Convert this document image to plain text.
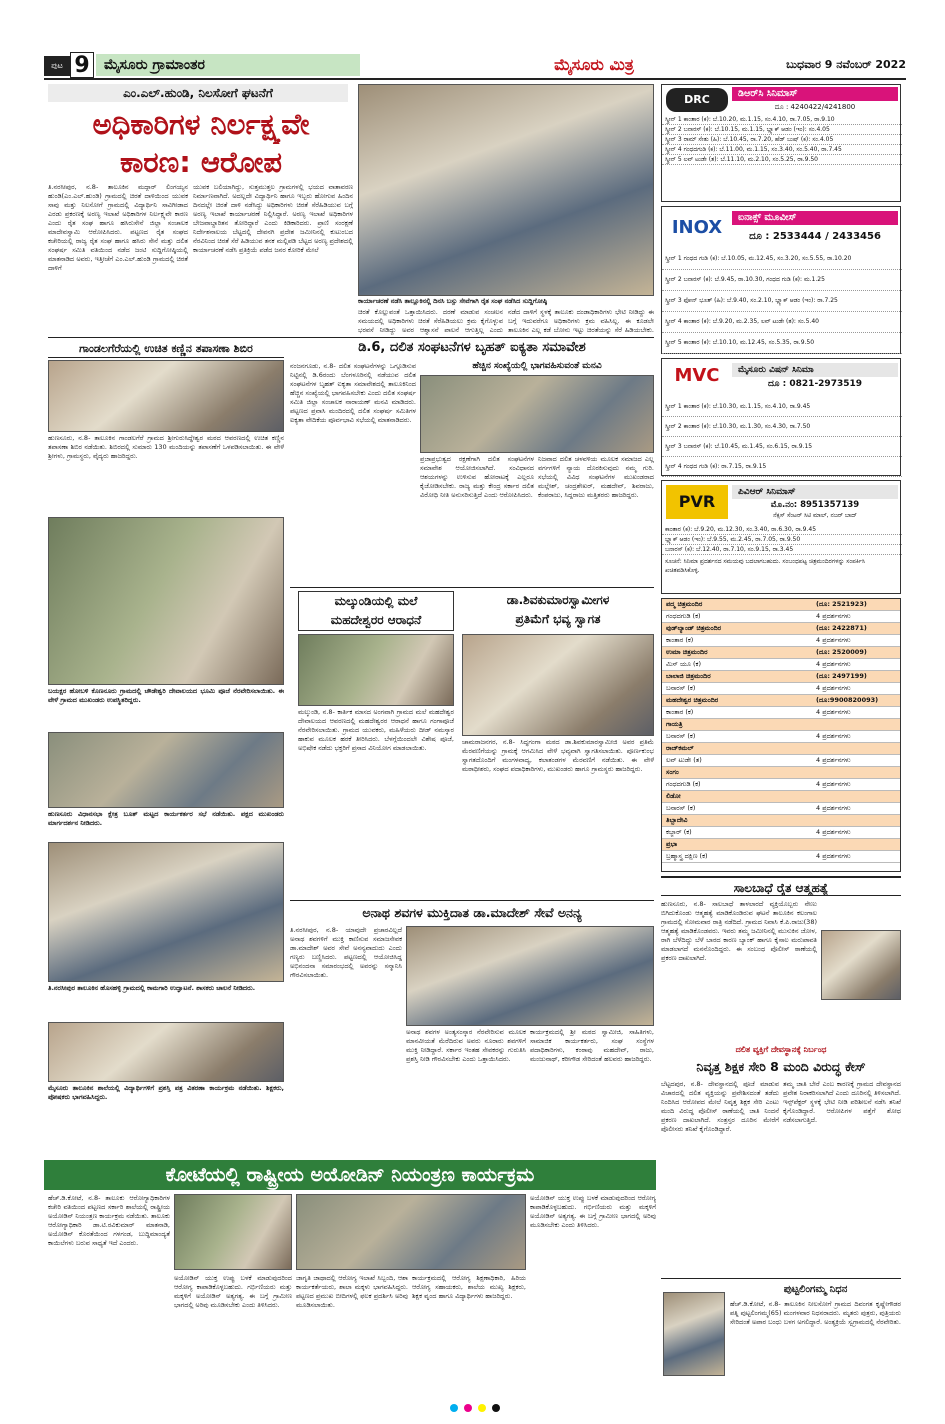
ಪುಟ 9	ಮೈಸೂರು ಗ್ರಾಮಾಂತರ	ಮೈಸೂರು ಮಿತ್ರ	ಬುಧವಾರ 9 ನವೆಂಬರ್ 2022
ಎಂ.ಎಲ್.ಹುಂಡಿ, ನಿಲಸೋಗೆ ಘಟನೆಗೆ
ಅಧಿಕಾರಿಗಳ ನಿರ್ಲಕ್ಷ್ಯವೇ
ಕಾರಣ: ಆರೋಪ
ತಿ.ನರಸೀಪುರ, ನ.8- ತಾಲೂಕಿನ ಮದ್ಗಾರ್ ಲಿಂಗಯ್ಯನ ಹುಂಡಿ(ಎಂ.ಎಲ್.ಹುಂಡಿ) ಗ್ರಾಮದಲ್ಲಿ ಚಿರತೆ ದಾಳಿಯಿಂದ ಯುವಕ ಸಾವು ಮತ್ತು ನಿಲಸೋಗೆ ಗ್ರಾಮದಲ್ಲಿ ವಿದ್ಯಾರ್ಥಿನಿ ಸಾವಿಗೀಡಾದ ಎರಡು ಪ್ರಕರಣಕ್ಕೆ ಅರಣ್ಯ ಇಲಾಖೆ ಅಧಿಕಾರಿಗಳ ನಿರ್ಲಕ್ಷ್ಯವೇ ಕಾರಣ ಎಂದು ರೈತ ಸಂಘ ಹಾಗೂ ಹಸಿರುಸೇನೆ ಜಿಲ್ಲಾ ಸಂಚಾಲಕ ಮಾದೇವಸ್ವಾಮಿ ಆರೋಪಿಸಿದರು. ಪಟ್ಟಣದ ರೈತ ಸಂಘದ ಕಚೇರಿಯಲ್ಲಿ ರಾಜ್ಯ ರೈತ ಸಂಘ ಹಾಗೂ ಹಸಿರು ಸೇನೆ ಮತ್ತು ದಲಿತ ಸಂಘರ್ಷ ಸಮಿತಿ ವತಿಯಿಂದ ನಡೆದ ಜಂಟಿ ಸುದ್ದಿಗೋಷ್ಠಿಯಲ್ಲಿ ಮಾತನಾಡಿದ ಅವರು, ಇತ್ತೀಚೆಗೆ ಎಂ.ಎಲ್.ಹುಂಡಿ ಗ್ರಾಮದಲ್ಲಿ ಚಿರತೆ ದಾಳಿಗೆ
ಯುವಕ ಬಲಿಯಾಗಿದ್ದು, ಸುತ್ತಮುತ್ತಲ ಗ್ರಾಮಗಳಲ್ಲಿ ಭಯದ ವಾತಾವರಣ ನಿರ್ಮಾಣವಾಗಿದೆ. ಅದಲ್ಲದೇ ವಿದ್ಯಾರ್ಥಿನಿ ಹಾಗೂ ಇಬ್ಬರು ಹೋಗುವ ಹಿಂದಿನ ದಿನದಲ್ಲೇ ಚಿರತೆ ದಾಳಿ ನಡೆಸಿದ್ದು ಅಧಿಕಾರಿಗಳು ಚಿರತೆ ಸೆರೆಹಿಡಿಯುವ ಬಗ್ಗೆ ಅರಣ್ಯ ಇಲಾಖೆ ಕಾರ್ಯಾಚರಣೆ ನಿಲ್ಲಿಸಿದ್ದಾರೆ. ಅರಣ್ಯ ಇಲಾಖೆ ಅಧಿಕಾರಿಗಳ ಬೇಜವಾಬ್ದಾರಿತನ ತೋರಿದ್ದಾರೆ ಎಂದು ಕಿಡಿಕಾರಿದರು. ಪ್ರಾಣಿ ಸಂರಕ್ಷಣೆ ನಿರ್ದೇಶನಾಲಯ ಬೆಟ್ಟದಲ್ಲಿ ದೇವನಗಿ ಪ್ರದೇಶ ಜಮೀನಿನಲ್ಲಿ ಕುಟುಂಬದ ನೆರವಿನಿಂದ ಚಿರತೆ ಸೆರೆ ಹಿಡಿಯುವ ತನಕ ಮಲ್ಲಿಪಡಿ ಬೆಟ್ಟದ ಅರಣ್ಯ ಪ್ರದೇಶದಲ್ಲಿ ಕಾರ್ಯಾಚರಣೆ ನಡೆಸಿ ಪ್ರತಿಕ್ರಿಯೆ ಪಡೆದ ಜನರ ಕೋರಿಕೆ ಮೇಲೆ
ಕಾರ್ಯಾಚರಣೆ ನಡೆಸಿ ತಾಲ್ಲೂಕಿನಲ್ಲಿ ದಿನಸಿ ಬಸ್ಸು ಸೇವೆಗಾಗಿ ರೈತ ಸಂಘ ನಡೆಸಿದ ಸುದ್ದಿಗೋಷ್ಠಿ
ಚಿರತೆ ಕೊಲ್ಲುವಂತೆ ಒತ್ತಾಯಿಸಿದರು. ದರಣೆ ಮಾಡುವ ಸಂಚಲನ ಸಮಯದಲ್ಲಿ ಅಧಿಕಾರಿಗಳು ಚಿರತೆ ಸೆರೆಹಿಡಿಯಲು ಕ್ರಮ ಕೈಗೊಳ್ಳುವ ಭರವಸೆ ನೀಡಿದ್ದು ಅವರ ಆಶ್ವಾಸನೆ ಪಾಲನೆ ಆಗುತ್ತಿಲ್ಲ ಎಂದು
ನಡೆದ ದಾಳಿಗೆ ಸ್ಥಳಕ್ಕೆ ತಾಲೂಕು ದಂಡಾಧಿಕಾರಿಗಳು ಭೇಟಿ ನೀಡಿದ್ದು ಈ ಬಗ್ಗೆ ಇದುವರೆಗೂ ಅಧಿಕಾರಿಗಳು ಕ್ರಮ ವಹಿಸಿಲ್ಲ. ಈ ಕೂಡಲೇ ತಾಲೂಕಿನ ಎಲ್ಲ ಕಡೆ ಬೋನು ಇಟ್ಟು ಚಿರತೆಯನ್ನು ಸೆರೆ ಹಿಡಿಯಬೇಕು.
ಗಾಂಡಲಗೆರೆಯಲ್ಲಿ ಉಚಿತ ಕಣ್ಣಿನ ತಪಾಸಣಾ ಶಿಬಿರ
ಹುಣಸೂರು, ನ.8- ತಾಲೂಕಿನ ಗಾಂಡಲಗೆರೆ ಗ್ರಾಮದ ಶ್ರೀಗುರುಸಿದ್ಧೇಶ್ವರ ಮಠದ ಆವರಣದಲ್ಲಿ ಉಚಿತ ಕಣ್ಣಿನ ತಪಾಸಣಾ ಶಿಬಿರ ನಡೆಯಿತು. ಶಿಬಿರದಲ್ಲಿ ಸುಮಾರು 130 ಮಂದಿಯನ್ನು ತಪಾಸಣೆಗೆ ಒಳಪಡಿಸಲಾಯಿತು. ಈ ವೇಳೆ ಶ್ರೀಗಳು, ಗ್ರಾಮಸ್ಥರು, ವೈದ್ಯರು ಹಾಜರಿದ್ದರು.
ಬಯಕ್ಷರ ಹೋಬಳಿ ಕೊಣನೂರು ಗ್ರಾಮದಲ್ಲಿ ಚೌಡೇಶ್ವರಿ ದೇವಾಲಯದ ಭೂಮಿ ಪೂಜೆ ನೆರವೇರಿಸಲಾಯಿತು. ಈ ವೇಳೆ ಗ್ರಾಮದ ಮುಖಂಡರು ಉಪಸ್ಥಿತರಿದ್ದರು.
ಹುಣಸೂರು ವಿಧಾನಸಭಾ ಕ್ಷೇತ್ರ ಬೂತ್ ಮಟ್ಟದ ಕಾರ್ಯಕರ್ತರ ಸಭೆ ನಡೆಯಿತು. ಪಕ್ಷದ ಮುಖಂಡರು ಮಾರ್ಗದರ್ಶನ ನೀಡಿದರು.
ತಿ.ನರಸೀಪುರ ತಾಲೂಕಿನ ಹೊಸಹಳ್ಳಿ ಗ್ರಾಮದಲ್ಲಿ ಕಾಮಗಾರಿ ಉದ್ಘಾಟನೆ. ಶಾಸಕರು ಚಾಲನೆ ನೀಡಿದರು.
ಮೈಸೂರು ತಾಲೂಕಿನ ಶಾಲೆಯಲ್ಲಿ ವಿದ್ಯಾರ್ಥಿಗಳಿಗೆ ಪ್ರಶಸ್ತಿ ಪತ್ರ ವಿತರಣಾ ಕಾರ್ಯಕ್ರಮ ನಡೆಯಿತು. ಶಿಕ್ಷಕರು, ಪೋಷಕರು ಭಾಗವಹಿಸಿದ್ದರು.
ಡಿ.6, ದಲಿತ ಸಂಘಟನೆಗಳ ಬೃಹತ್ ಐಕ್ಯತಾ ಸಮಾವೇಶ
ಹೆಚ್ಚಿನ ಸಂಖ್ಯೆಯಲ್ಲಿ ಭಾಗವಹಿಸುವಂತೆ ಮನವಿ
ನಂಜನಗೂಡು, ನ.8- ದಲಿತ ಸಂಘಟನೆಗಳನ್ನು ಒಗ್ಗೂಡಿಸುವ ನಿಟ್ಟಿನಲ್ಲಿ ಡಿ.6ರಂದು ಬೆಂಗಳೂರಿನಲ್ಲಿ ನಡೆಯುವ ದಲಿತ ಸಂಘಟನೆಗಳ ಬೃಹತ್ ಐಕ್ಯತಾ ಸಮಾವೇಶದಲ್ಲಿ ತಾಲೂಕಿನಿಂದ ಹೆಚ್ಚಿನ ಸಂಖ್ಯೆಯಲ್ಲಿ ಭಾಗವಹಿಸಬೇಕು ಎಂದು ದಲಿತ ಸಂಘರ್ಷ ಸಮಿತಿ ಜಿಲ್ಲಾ ಸಂಚಾಲಕ ನಾರಾಯಣ್ ಮನವಿ ಮಾಡಿದರು. ಪಟ್ಟಣದ ಪ್ರವಾಸಿ ಮಂದಿರದಲ್ಲಿ ದಲಿತ ಸಂಘರ್ಷ ಸಮಿತಿಗಳ ಐಕ್ಯತಾ ವೇದಿಕೆಯ ಪೂರ್ವಭಾವಿ ಸಭೆಯಲ್ಲಿ ಮಾತನಾಡಿದರು.
ಪ್ರಜಾಪ್ರಭುತ್ವದ ರಕ್ಷಣೆಗಾಗಿ ದಲಿತ ಸಂಘಟನೆಗಳ ಸಮಾವೇಶ ಆಯೋಜಿಸಲಾಗಿದೆ. ಸಂವಿಧಾನದ ಆಶಯಗಳನ್ನು ಉಳಿಸುವ ಹೋರಾಟಕ್ಕೆ ಎಲ್ಲರೂ ಕೈಜೋಡಿಸಬೇಕು. ರಾಜ್ಯ ಮತ್ತು ಕೇಂದ್ರ ಸರ್ಕಾರ ದಲಿತ ವಿರೋಧಿ ನೀತಿ ಅನುಸರಿಸುತ್ತಿದೆ ಎಂದು ಆರೋಪಿಸಿದರು.
ನಿಜವಾದ ದಲಿತ ಚಳವಳಿಯ ಮೂಲಕ ಸಮಾಜದ ಎಲ್ಲ ವರ್ಗಗಳಿಗೆ ನ್ಯಾಯ ದೊರಕಿಸುವುದು ನಮ್ಮ ಗುರಿ. ಸಭೆಯಲ್ಲಿ ವಿವಿಧ ಸಂಘಟನೆಗಳ ಮುಖಂಡರಾದ ಮಲ್ಲೇಶ್, ಚಂದ್ರಶೇಖರ್, ಮಹದೇವ್, ಶಿವರಾಜು, ಕೆಂಪರಾಜು, ಸಿದ್ದರಾಜು ಮತ್ತಿತರರು ಹಾಜರಿದ್ದರು.
ಮಲ್ಕುಂಡಿಯಲ್ಲಿ ಮಲೆ
ಮಹದೇಶ್ವರರ ಆರಾಧನೆ
ಮಲ್ಕುಂಡಿ, ನ.8- ಕಾರ್ತಿಕ ಮಾಸದ ಅಂಗವಾಗಿ ಗ್ರಾಮದ ಮಲೆ ಮಹದೇಶ್ವರ ದೇವಾಲಯದ ಆವರಣದಲ್ಲಿ ಮಹದೇಶ್ವರರ ಆರಾಧನೆ ಹಾಗೂ ಗಂಗಾಪೂಜೆ ನೆರವೇರಿಸಲಾಯಿತು. ಗ್ರಾಮದ ಯುವಕರು, ಮಹಿಳೆಯರು ದೀಡ್ ನಮಸ್ಕಾರ ಹಾಕುವ ಮೂಲಕ ಹರಕೆ ತೀರಿಸಿದರು. ಬೆಳಗ್ಗೆಯಿಂದಲೇ ವಿಶೇಷ ಪೂಜೆ, ಅಭಿಷೇಕ ನಡೆದು ಭಕ್ತರಿಗೆ ಪ್ರಸಾದ ವಿನಿಯೋಗ ಮಾಡಲಾಯಿತು.
ಡಾ.ಶಿವಕುಮಾರಸ್ವಾಮೀಗಳ
ಪ್ರತಿಮೆಗೆ ಭವ್ಯ ಸ್ವಾಗತ
ಚಾಮರಾಜನಗರ, ನ.8- ಸಿದ್ಧಗಂಗಾ ಮಠದ ಡಾ.ಶಿವಕುಮಾರಸ್ವಾಮೀಜಿ ಅವರ ಪ್ರತಿಮೆ ಮೆರವಣಿಗೆಯನ್ನು ಗ್ರಾಮಕ್ಕೆ ಆಗಮಿಸಿದ ವೇಳೆ ಭವ್ಯವಾಗಿ ಸ್ವಾಗತಿಸಲಾಯಿತು. ಪೂರ್ಣಕುಂಭ ಸ್ವಾಗತದೊಂದಿಗೆ ಮಂಗಳವಾದ್ಯ, ಕಲಾತಂಡಗಳ ಮೆರವಣಿಗೆ ನಡೆಯಿತು. ಈ ವೇಳೆ ಮಠಾಧೀಶರು, ಸಂಘದ ಪದಾಧಿಕಾರಿಗಳು, ಮುಖಂಡರು ಹಾಗೂ ಗ್ರಾಮಸ್ಥರು ಹಾಜರಿದ್ದರು.
ಅನಾಥ ಶವಗಳ ಮುಕ್ತಿದಾತ ಡಾ.ಮಾದೇಶ್ ಸೇವೆ ಅನನ್ಯ
ತಿ.ನರಸೀಪುರ, ನ.8- ಯಾವುದೇ ಪ್ರಚಾರವಿಲ್ಲದೆ ಅನಾಥ ಶವಗಳಿಗೆ ಮುಕ್ತಿ ಕಾಣಿಸುವ ಸಮಾಜಸೇವಕ ಡಾ.ಮಾದೇಶ್ ಅವರ ಸೇವೆ ಅನನ್ಯವಾದುದು ಎಂದು ಗಣ್ಯರು ಬಣ್ಣಿಸಿದರು. ಪಟ್ಟಣದಲ್ಲಿ ಆಯೋಜಿಸಿದ್ದ ಅಭಿನಂದನಾ ಸಮಾರಂಭದಲ್ಲಿ ಅವರನ್ನು ಸನ್ಮಾನಿಸಿ ಗೌರವಿಸಲಾಯಿತು.
ಅನಾಥ ಶವಗಳ ಅಂತ್ಯಸಂಸ್ಕಾರ ನೆರವೇರಿಸುವ ಮೂಲಕ ಮಾನವೀಯತೆ ಮೆರೆದಿರುವ ಅವರು ನೂರಾರು ಶವಗಳಿಗೆ ಮುಕ್ತಿ ನೀಡಿದ್ದಾರೆ. ಸರ್ಕಾರ ಇಂತಹ ಸೇವಕರನ್ನು ಗುರುತಿಸಿ ಪ್ರಶಸ್ತಿ ನೀಡಿ ಗೌರವಿಸಬೇಕು ಎಂದು ಒತ್ತಾಯಿಸಿದರು.
ಕಾರ್ಯಕ್ರಮದಲ್ಲಿ ಶ್ರೀ ಮಠದ ಸ್ವಾಮೀಜಿ, ಸಾಹಿತಿಗಳು, ಸಾಮಾಜಿಕ ಕಾರ್ಯಕರ್ತರು, ಸಂಘ ಸಂಸ್ಥೆಗಳ ಪದಾಧಿಕಾರಿಗಳು, ಕಂಠಾವು ಮಹದೇವ್, ರಾಜು, ಮಂಜುನಾಥ್, ಕರೀಗೌಡ ಸೇರಿದಂತೆ ಹಲವರು ಹಾಜರಿದ್ದರು.
DRC	ಡಿಆರ್‌ಸಿ ಸಿನಿಮಾಸ್
ದೂ : 4240422/4241800
ಸ್ಕ್ರೀನ್ 1 ಕಾಂತಾರ (ಕ): ಬೆ.10.20, ಮ.1.15, ಸಂ.4.10, ರಾ.7.05, ರಾ.9.10
ಸ್ಕ್ರೀನ್ 2 ಬನಾರಸ್ (ಕ): ಬೆ.10.15, ಮ.1.15, ಬ್ಲ್ಯಾಕ್ ಆಡಂ (ಇಂ): ಸಂ.4.05
ಸ್ಕ್ರೀನ್ 3 ರಾಮ್ ಸೇತು (ಹಿ): ಬೆ.10.45, ರಾ.7.20, ಹೆಡ್ ಬುಷ್ (ಕ): ಸಂ.4.05
ಸ್ಕ್ರೀನ್ 4 ಗಂಧದಗುಡಿ (ಕ): ಬೆ.11.00, ಮ.1.15, ಸಂ.3.40, ಸಂ.5.40, ರಾ.7.45
ಸ್ಕ್ರೀನ್ 5 ಲವ್ ಟುಡೇ (ತ): ಬೆ.11.10, ಮ.2.10, ಸಂ.5.25, ರಾ.9.50
INOX	ಐನಾಕ್ಸ್ ಮೂವೀಸ್
ದೂ : 2533444 / 2433456
ಸ್ಕ್ರೀನ್ 1 ಗಂಧದ ಗುಡಿ (ಕ): ಬೆ.10.05, ಮ.12.45, ಸಂ.3.20, ಸಂ.5.55, ರಾ.10.20
ಸ್ಕ್ರೀನ್ 2 ಬನಾರಸ್ (ಕ): ಬೆ.9.45, ರಾ.10.30, ಗಂಧದ ಗುಡಿ (ಕ): ಮ.1.25
ಸ್ಕ್ರೀನ್ 3 ಫೋನ್ ಭೂತ್ (ಹಿ): ಬೆ.9.40, ಸಂ.2.10, ಬ್ಲ್ಯಾಕ್ ಆಡಂ (ಇಂ): ರಾ.7.25
ಸ್ಕ್ರೀನ್ 4 ಕಾಂತಾರ (ಕ): ಬೆ.9.20, ಮ.2.35, ಲವ್ ಟುಡೇ (ತ): ಸಂ.5.40
ಸ್ಕ್ರೀನ್ 5 ಕಾಂತಾರ (ಕ): ಬೆ.10.10, ಮ.12.45, ಸಂ.5.35, ರಾ.9.50
MVC	ಮೈಸೂರು ವಿಷನ್ ಸಿನಿಮಾ
ದೂ : 0821-2973519
ಸ್ಕ್ರೀನ್ 1 ಕಾಂತಾರ (ಕ): ಬೆ.10.30, ಮ.1.15, ಸಂ.4.10, ರಾ.9.45
ಸ್ಕ್ರೀನ್ 2 ಕಾಂತಾರ (ಕ): ಬೆ.10.30, ಮ.1.30, ಸಂ.4.30, ರಾ.7.50
ಸ್ಕ್ರೀನ್ 3 ಬನಾರಸ್ (ಕ): ಬೆ.10.45, ಮ.1.45, ಸಂ.6.15, ರಾ.9.15
ಸ್ಕ್ರೀನ್ 4 ಗಂಧದ ಗುಡಿ (ಕ): ರಾ.7.15, ರಾ.9.15
PVR	ಪಿವಿಆರ್ ಸಿನಿಮಾಸ್
ಮೊ.ನಂ: 8951357139
ನೆಕ್ಸಸ್ ಸೆಂಟರ್ ಸಿಟಿ ಮಾಲ್, ನಜರ್ ಬಾದ್
ಕಾಂತಾರ (ಕ): ಬೆ.9.20, ಮ.12.30, ಸಂ.3.40, ರಾ.6.30, ರಾ.9.45
ಬ್ಲ್ಯಾಕ್ ಆಡಂ (ಇಂ): ಬೆ.9.55, ಮ.2.45, ರಾ.7.05, ರಾ.9.50
ಬನಾರಸ್ (ಕ): ಬೆ.12.40, ರಾ.7.10, ಸಂ.9.15, ರಾ.3.45
ಸೂಚನೆ: ಸಿನಿಮಾ ಪ್ರದರ್ಶನದ ಸಮಯವು ಬದಲಾಗಬಹುದು. ಸಂಬಂಧಪಟ್ಟ ಚಿತ್ರಮಂದಿರಗಳನ್ನು ಸಂಪರ್ಕಿಸಿ ಖಚಿತಪಡಿಸಿಕೊಳ್ಳಿ.
ಪದ್ಮ ಚಿತ್ರಮಂದಿರ	(ದೂ: 2521923)
ಗಂಧದಗುಡಿ (ಕ)	4 ಪ್ರದರ್ಶನಗಳು
ವುಡ್‌ಲ್ಯಾಂಡ್ ಚಿತ್ರಮಂದಿರ	(ದೂ: 2422871)
ಕಾಂತಾರ (ಕ)	4 ಪ್ರದರ್ಶನಗಳು
ಉಮಾ ಚಿತ್ರಮಂದಿರ	(ದೂ: 2520009)
ಮಿಸ್ ಯೂ (ಕ)	4 ಪ್ರದರ್ಶನಗಳು
ಬಾಲಾಜಿ ಚಿತ್ರಮಂದಿರ	(ದೂ: 2497199)
ಬನಾರಸ್ (ಕ)	4 ಪ್ರದರ್ಶನಗಳು
ಮಹದೇಶ್ವರ ಚಿತ್ರಮಂದಿರ	(ದೂ:9900820093)
ಕಾಂತಾರ (ಕ)	4 ಪ್ರದರ್ಶನಗಳು
ಗಾಯತ್ರಿ
ಬನಾರಸ್ (ಕ)	4 ಪ್ರದರ್ಶನಗಳು
ರಾಜ್‌ಕಮಲ್
ಲವ್ ಟುಡೇ (ತ)	4 ಪ್ರದರ್ಶನಗಳು
ಸಂಗಂ
ಗಂಧದಗುಡಿ (ಕ)	4 ಪ್ರದರ್ಶನಗಳು
ಲಿಡೋ
ಬನಾರಸ್ (ಕ)	4 ಪ್ರದರ್ಶನಗಳು
ತಿಬ್ಬಾದೇವಿ
ಕಬ್ಜಾರ್ (ಕ)	4 ಪ್ರದರ್ಶನಗಳು
ಪ್ರಭಾ
ಬ್ರಹ್ಮಾಸ್ತ್ರ ದಕ್ಷಿಣ (ಕ)	4 ಪ್ರದರ್ಶನಗಳು
ಸಾಲಬಾಧೆ ರೈತ ಆತ್ಮಹತ್ಯೆ
ಹುಣಸೂರು, ನ.8- ಸಾಲಬಾಧೆ ತಾಳಲಾರದೆ ವ್ಯಕ್ತಿಯೊಬ್ಬರು ನೇಣು ಬಿಗಿದುಕೊಂಡು ಆತ್ಮಹತ್ಯೆ ಮಾಡಿಕೊಂಡಿರುವ ಘಟನೆ ತಾಲೂಕಿನ ಕಲಂಗಾಲ ಗ್ರಾಮದಲ್ಲಿ ಸೋಮವಾರ ರಾತ್ರಿ ನಡೆದಿದೆ. ಗ್ರಾಮದ ನಿವಾಸಿ ಕೆ.ಪಿ.ರಾಜು(38) ಆತ್ಮಹತ್ಯೆ ಮಾಡಿಕೊಂಡವರು. ಇವರು ತಮ್ಮ ಜಮೀನಿನಲ್ಲಿ ಮುಸುಕಿನ ಜೋಳ, ರಾಗಿ ಬೆಳೆದಿದ್ದು ಬೆಳೆ ಬಾರದ ಕಾರಣ ಬ್ಯಾಂಕ್ ಹಾಗೂ ಕೈಸಾಲ ಮರುಪಾವತಿ ಮಾಡಲಾಗದೆ ಮನನೊಂದಿದ್ದರು. ಈ ಸಂಬಂಧ ಪೊಲೀಸ್ ಠಾಣೆಯಲ್ಲಿ ಪ್ರಕರಣ ದಾಖಲಾಗಿದೆ.
ದಲಿತ ವ್ಯಕ್ತಿಗೆ ದೇವಸ್ಥಾನಕ್ಕೆ ನಿರ್ಬಂಧ
ನಿವೃತ್ತ ಶಿಕ್ಷಕ ಸೇರಿ 8 ಮಂದಿ ವಿರುದ್ಧ ಕೇಸ್
ಬೆಟ್ಟದಪುರ, ನ.8- ದೇವಸ್ಥಾನದಲ್ಲಿ ಪೂಜೆ ಮಾಡುವ ವಿಚಾರದಲ್ಲಿ ದಲಿತ ವ್ಯಕ್ತಿಯನ್ನು ಪ್ರವೇಶಿಸದಂತೆ ತಡೆದು ನಿಂದಿಸಿದ ಆರೋಪದ ಮೇಲೆ ನಿವೃತ್ತ ಶಿಕ್ಷಕ ಸೇರಿ ಎಂಟು ಮಂದಿ ವಿರುದ್ಧ ಪೊಲೀಸ್ ಠಾಣೆಯಲ್ಲಿ ಜಾತಿ ನಿಂದನೆ ಪ್ರಕರಣ ದಾಖಲಾಗಿದೆ. ಸಂತ್ರಸ್ತರ ದೂರಿನ ಮೇರೆಗೆ ಪೊಲೀಸರು ತನಿಖೆ ಕೈಗೊಂಡಿದ್ದಾರೆ.
ತಮ್ಮ ಜಾತಿ ಬೇರೆ ಎಂಬ ಕಾರಣಕ್ಕೆ ಗ್ರಾಮದ ದೇವಸ್ಥಾನದ ಪ್ರವೇಶ ನಿರಾಕರಿಸಲಾಗಿದೆ ಎಂದು ದೂರಿನಲ್ಲಿ ತಿಳಿಸಲಾಗಿದೆ. ಇನ್ಸ್‌ಪೆಕ್ಟರ್ ಸ್ಥಳಕ್ಕೆ ಭೇಟಿ ನೀಡಿ ಪರಿಶೀಲನೆ ನಡೆಸಿ ತನಿಖೆ ಕೈಗೊಂಡಿದ್ದಾರೆ. ಆರೋಪಿಗಳ ಪತ್ತೆಗೆ ಶೋಧ ನಡೆಸಲಾಗುತ್ತಿದೆ.
ಪುಟ್ಟಲಿಂಗಮ್ಮ ನಿಧನ
ಹೆಚ್.ಡಿ.ಕೋಟೆ, ನ.8- ತಾಲೂಕಿನ ನೀಲಸೋಗೆ ಗ್ರಾಮದ ದಿವಂಗತ ಕೃಷ್ಣೇಗೌಡರ ಪತ್ನಿ ಪುಟ್ಟಲಿಂಗಮ್ಮ(65) ಮಂಗಳವಾರ ನಿಧನರಾದರು. ಮೃತರು ಪುತ್ರರು, ಪುತ್ರಿಯರು ಸೇರಿದಂತೆ ಅಪಾರ ಬಂಧು ಬಳಗ ಅಗಲಿದ್ದಾರೆ. ಅಂತ್ಯಕ್ರಿಯೆ ಸ್ವಗ್ರಾಮದಲ್ಲಿ ನೆರವೇರಿತು.
ಕೋಟೆಯಲ್ಲಿ ರಾಷ್ಟ್ರೀಯ ಅಯೋಡಿನ್ ನಿಯಂತ್ರಣ ಕಾರ್ಯಕ್ರಮ
ಹೆಚ್.ಡಿ.ಕೋಟೆ, ನ.8- ತಾಲೂಕು ಆರೋಗ್ಯಾಧಿಕಾರಿಗಳ ಕಚೇರಿ ವತಿಯಿಂದ ಪಟ್ಟಣದ ಸರ್ಕಾರಿ ಶಾಲೆಯಲ್ಲಿ ರಾಷ್ಟ್ರೀಯ ಅಯೋಡಿನ್ ನಿಯಂತ್ರಣ ಕಾರ್ಯಕ್ರಮ ನಡೆಯಿತು. ತಾಲೂಕು ಆರೋಗ್ಯಾಧಿಕಾರಿ ಡಾ.ಟಿ.ರವಿಕುಮಾರ್ ಮಾತನಾಡಿ, ಅಯೋಡಿನ್ ಕೊರತೆಯಿಂದ ಗಳಗಂಡ, ಬುದ್ಧಿಮಾಂದ್ಯತೆ ಕಾಯಿಲೆಗಳು ಬರುವ ಸಾಧ್ಯತೆ ಇದೆ ಎಂದರು.
ಅಯೋಡಿನ್ ಯುಕ್ತ ಉಪ್ಪು ಬಳಕೆ ಮಾಡುವುದರಿಂದ ಆರೋಗ್ಯ ಕಾಪಾಡಿಕೊಳ್ಳಬಹುದು. ಗರ್ಭಿಣಿಯರು ಮತ್ತು ಮಕ್ಕಳಿಗೆ ಅಯೋಡಿನ್ ಅತ್ಯಗತ್ಯ. ಈ ಬಗ್ಗೆ ಗ್ರಾಮೀಣ ಭಾಗದಲ್ಲಿ ಅರಿವು ಮೂಡಿಸಬೇಕು ಎಂದು ತಿಳಿಸಿದರು.
ಜಾಗೃತಿ ಜಾಥಾದಲ್ಲಿ ಆರೋಗ್ಯ ಇಲಾಖೆ ಸಿಬ್ಬಂದಿ, ಆಶಾ ಕಾರ್ಯಕರ್ತೆಯರು, ಶಾಲಾ ಮಕ್ಕಳು ಭಾಗವಹಿಸಿದ್ದರು. ಪಟ್ಟಣದ ಪ್ರಮುಖ ಬೀದಿಗಳಲ್ಲಿ ಫಲಕ ಪ್ರದರ್ಶಿಸಿ ಅರಿವು ಮೂಡಿಸಲಾಯಿತು.
ಕಾರ್ಯಕ್ರಮದಲ್ಲಿ ಆರೋಗ್ಯ ಶಿಕ್ಷಣಾಧಿಕಾರಿ, ಹಿರಿಯ ಆರೋಗ್ಯ ಸಹಾಯಕರು, ಶಾಲೆಯ ಮುಖ್ಯ ಶಿಕ್ಷಕರು, ಶಿಕ್ಷಕ ವೃಂದ ಹಾಗೂ ವಿದ್ಯಾರ್ಥಿಗಳು ಹಾಜರಿದ್ದರು.
ಅಯೋಡಿನ್ ಯುಕ್ತ ಉಪ್ಪು ಬಳಕೆ ಮಾಡುವುದರಿಂದ ಆರೋಗ್ಯ ಕಾಪಾಡಿಕೊಳ್ಳಬಹುದು. ಗರ್ಭಿಣಿಯರು ಮತ್ತು ಮಕ್ಕಳಿಗೆ ಅಯೋಡಿನ್ ಅತ್ಯಗತ್ಯ. ಈ ಬಗ್ಗೆ ಗ್ರಾಮೀಣ ಭಾಗದಲ್ಲಿ ಅರಿವು ಮೂಡಿಸಬೇಕು ಎಂದು ತಿಳಿಸಿದರು.
